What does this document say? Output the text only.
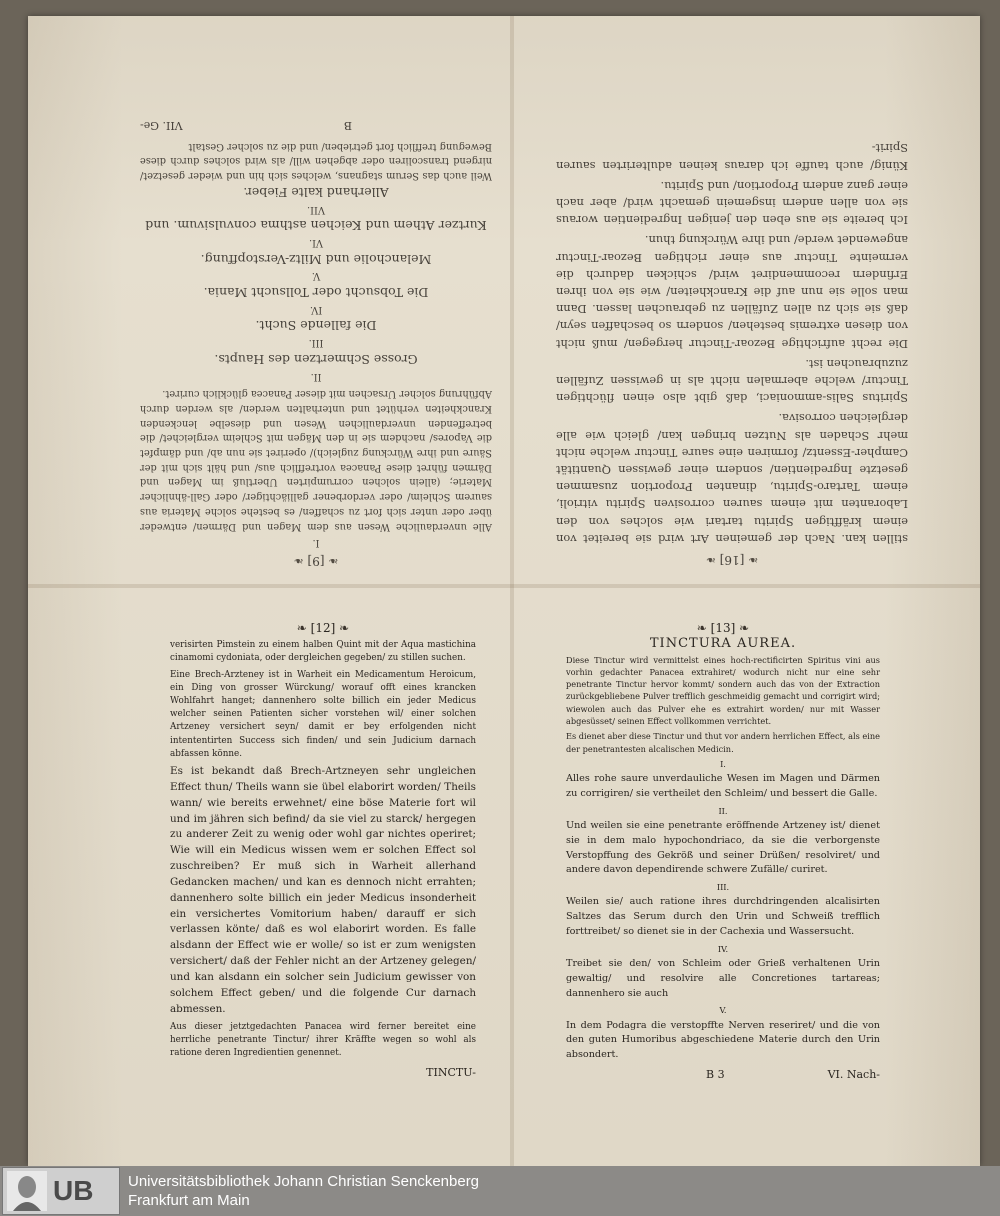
❧ [9] ❧
I.

Alle unverdauliche Wesen aus dem Magen und Därmen/ entweder über oder unter sich fort zu schaffen/ es bestehe solche Materia aus saurem Schleim/ oder verdorbener galliächtiger/ oder Gall-ähnlicher Materie; (allein solchen corrumpirten Ubertluß im Magen und Därmen führet diese Panacea vortrefflich aus/ und hält sich mit der Säure und ihre Würckung zugleich)/ operiret sie nun ab/ und dämpfet die Vapores/ nachdem sie in den Mägen mit Schleim vergleichet/ die betreffenden unverdaulichen Wesen und dieselbe lenckenden Kranckheiten verhütet und unterhalten werden/ als werden durch Abführung solcher Ursachen mit dieser Panacea glücklich curiret.

II.
Grosse Schmertzen des Haupts.
III.
Die fallende Sucht.
IV.
Die Tobsucht oder Tollsucht Mania.
V.
Melancholie und Miltz-Verstopffung.
VI.
Kurtzer Athem und Keichen asthma convulsivum. und
VII.
Allerhand kalte Fieber.

Weil auch das Serum stagnans, welches sich hin und wieder gesetzet/ nirgend transcoliren oder abgehen will/ als wird solches durch diese Bewegung trefflich fort getrieben/ und die zu solcher Gestalt

B
VII. Ge-
❧ [16] ❧

stillen kan. Nach der gemeinen Art wird sie bereitet von einem kräfftigen Spiritu tartari wie solches von den Laboranten mit einem sauren corrosiven Spiritu vitrioli, einem Tartaro-Spiritu, dinanten Proportion zusammen gesetzte Ingredientien/ sondern einer gewissen Quantität Campher-Essentz/ formiren eine saure Tinctur welche nicht mehr Schaden als Nutzen bringen kan/ gleich wie alle dergleichen corrosiva.

Spiritus Salis-ammoniaci, daß gibt also einen flüchtigen Tinctur/ welche abermalen nicht als in gewissen Zufällen zuzubrauchen ist.

Die recht aufrichtige Bezoar-Tinctur hergegen/ muß nicht von diesen extremis bestehen/ sondern so beschaffen seyn/ daß sie sich zu allen Zufällen zu gebrauchen lassen. Dann man solle sie nun auf die Kranckheiten/ wie sie von ihren Erfindern recommendiret wird/ schicken dadurch die vermeinte Tinctur aus einer richtigen Bezoar-Tinctur angewendet werde/ und ihre Würckung thun.

Ich bereite sie aus eben den jenigen Ingredientien woraus sie von allen andern insgemein gemacht wird/ aber nach einer ganz andern Proportion/ und Spiritu.

Künig/ auch tauffe ich daraus keinen adulterirten sauren Spirit-

❧ [12] ❧

verisirten Pimstein zu einem halben Quint mit der Aqua mastichina cinamomi cydoniata, oder dergleichen gegeben/ zu stillen suchen.

Eine Brech-Arzteney ist in Warheit ein Medicamentum Heroicum, ein Ding von grosser Würckung/ worauf offt eines krancken Wohlfahrt hanget; dannenhero solte billich ein jeder Medicus welcher seinen Patienten sicher vorstehen wil/ einer solchen Artzeney versichert seyn/ damit er bey erfolgenden nicht intententirten Success sich finden/ und sein Judicium darnach abfassen könne.

Es ist bekandt daß Brech-Artzneyen sehr ungleichen Effect thun/ Theils wann sie übel elaborirt worden/ Theils wann/ wie bereits erwehnet/ eine böse Materie fort wil und im jähren sich befind/ da sie viel zu starck/ hergegen zu anderer Zeit zu wenig oder wohl gar nichtes operiret; Wie will ein Medicus wissen wem er solchen Effect sol zuschreiben? Er muß sich in Warheit allerhand Gedancken machen/ und kan es dennoch nicht errahten; dannenhero solte billich ein jeder Medicus insonderheit ein versichertes Vomitorium haben/ darauff er sich verlassen könte/ daß es wol elaborirt worden. Es falle alsdann der Effect wie er wolle/ so ist er zum wenigsten versichert/ daß der Fehler nicht an der Artzeney gelegen/ und kan alsdann ein solcher sein Judicium gewisser von solchem Effect geben/ und die folgende Cur darnach abmessen.

Aus dieser jetztgedachten Panacea wird ferner bereitet eine herrliche penetrante Tinctur/ ihrer Kräffte wegen so wohl als ratione deren Ingredientien genennet.

TINCTU-
❧ [13] ❧
TINCTURA AUREA.

Diese Tinctur wird vermittelst eines hoch-rectificirten Spiritus vini aus vorhin gedachter Panacea extrahiret/ wodurch nicht nur eine sehr penetrante Tinctur hervor kommt/ sondern auch das von der Extraction zurückgebliebene Pulver trefflich geschmeidig gemacht und corrigirt wird; wiewolen auch das Pulver ehe es extrahirt worden/ nur mit Wasser abgesüsset/ seinen Effect vollkommen verrichtet.

Es dienet aber diese Tinctur und thut vor andern herrlichen Effect, als eine der penetrantesten alcalischen Medicin.

I.

Alles rohe saure unverdauliche Wesen im Magen und Därmen zu corrigiren/ sie vertheilet den Schleim/ und bessert die Galle.

II.

Und weilen sie eine penetrante eröffnende Artzeney ist/ dienet sie in dem malo hypochondriaco, da sie die verborgenste Verstopffung des Gekröß und seiner Drüßen/ resolviret/ und andere davon dependirende schwere Zufälle/ curiret.

III.

Weilen sie/ auch ratione ihres durchdringenden alcalisirten Saltzes das Serum durch den Urin und Schweiß trefflich forttreibet/ so dienet sie in der Cachexia und Wassersucht.

IV.

Treibet sie den/ von Schleim oder Grieß verhaltenen Urin gewaltig/ und resolvire alle Concretiones tartareas; dannenhero sie auch

V.

In dem Podagra die verstopffte Nerven reseriret/ und die von den guten Humoribus abgeschiedene Materie durch den Urin absondert.

B 3	VI. Nach-
UB Universitätsbibliothek Johann Christian Senckenberg
Frankfurt am Main
